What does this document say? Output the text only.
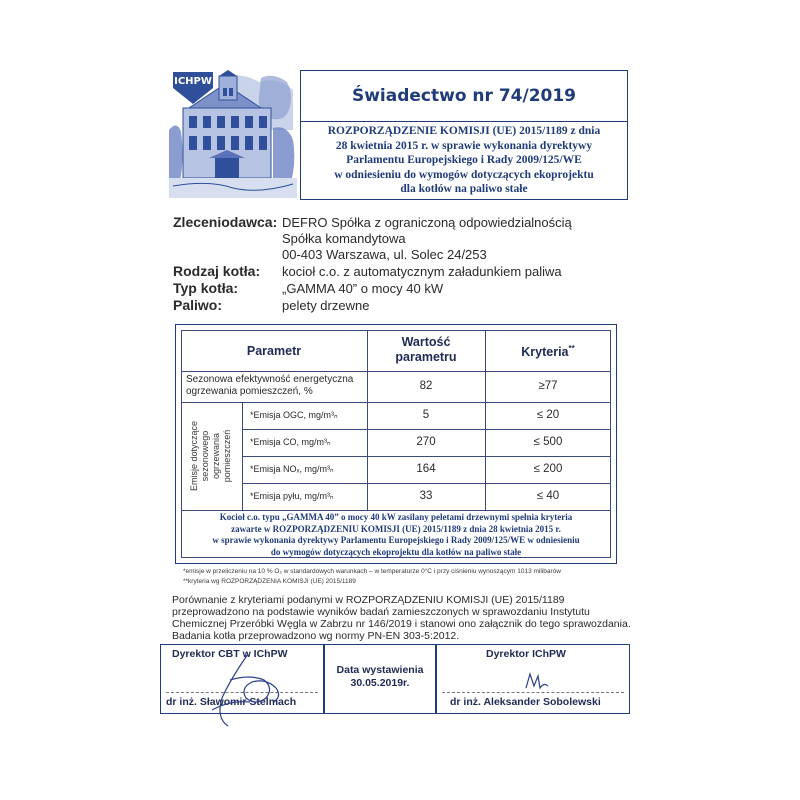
ICHPW
Świadectwo nr 74/2019
ROZPORZĄDZENIE KOMISJI (UE) 2015/1189 z dnia
28 kwietnia 2015 r. w sprawie wykonania dyrektywy
Parlamentu Europejskiego i Rady 2009/125/WE
w odniesieniu do wymogów dotyczących ekoprojektu
dla kotłów na paliwo stałe
Zleceniodawca: DEFRO Spółka z ograniczoną odpowiedzialnością
Spółka komandytowa
00-403 Warszawa, ul. Solec 24/253
Rodzaj kotła: kocioł c.o. z automatycznym załadunkiem paliwa
Typ kotła:	„GAMMA 40” o mocy 40 kW
Paliwo:	pelety drzewne
Parametr
Wartość
parametru	Kryteria**
Sezonowa efektywność energetyczna
ogrzewania pomieszczeń, %	82	≥77
Emisje dotyczące sezonowego ogrzewania pomieszczeń
*Emisja OGC, mg/m³ₙ	5	≤ 20
*Emisja CO, mg/m³ₙ	270	≤ 500
*Emisja NOₓ, mg/m³ₙ	164	≤ 200
*Emisja pyłu, mg/m³ₙ	33	≤ 40
Kocioł c.o. typu „GAMMA 40” o mocy 40 kW zasilany peletami drzewnymi spełnia kryteria
zawarte w ROZPORZĄDZENIU KOMISJI (UE) 2015/1189 z dnia 28 kwietnia 2015 r.
w sprawie wykonania dyrektywy Parlamentu Europejskiego i Rady 2009/125/WE w odniesieniu
do wymogów dotyczących ekoprojektu dla kotłów na paliwo stałe
*emisje w przeliczeniu na 10 % O₂ w standardowych warunkach – w temperaturze 0°C i przy ciśnieniu wynoszącym 1013 milibarów
**kryteria wg ROZPORZĄDZENIA KOMISJI (UE) 2015/1189
Porównanie z kryteriami podanymi w ROZPORZĄDZENIU KOMISJI (UE) 2015/1189
przeprowadzono na podstawie wyników badań zamieszczonych w sprawozdaniu Instytutu
Chemicznej Przeróbki Węgla w Zabrzu nr 146/2019 i stanowi ono załącznik do tego sprawozdania.
Badania kotła przeprowadzono wg normy PN-EN 303-5:2012.
Dyrektor CBT w IChPW
dr inż. Sławomir Stelmach
Data wystawienia
30.05.2019r.
Dyrektor IChPW
dr inż. Aleksander Sobolewski
